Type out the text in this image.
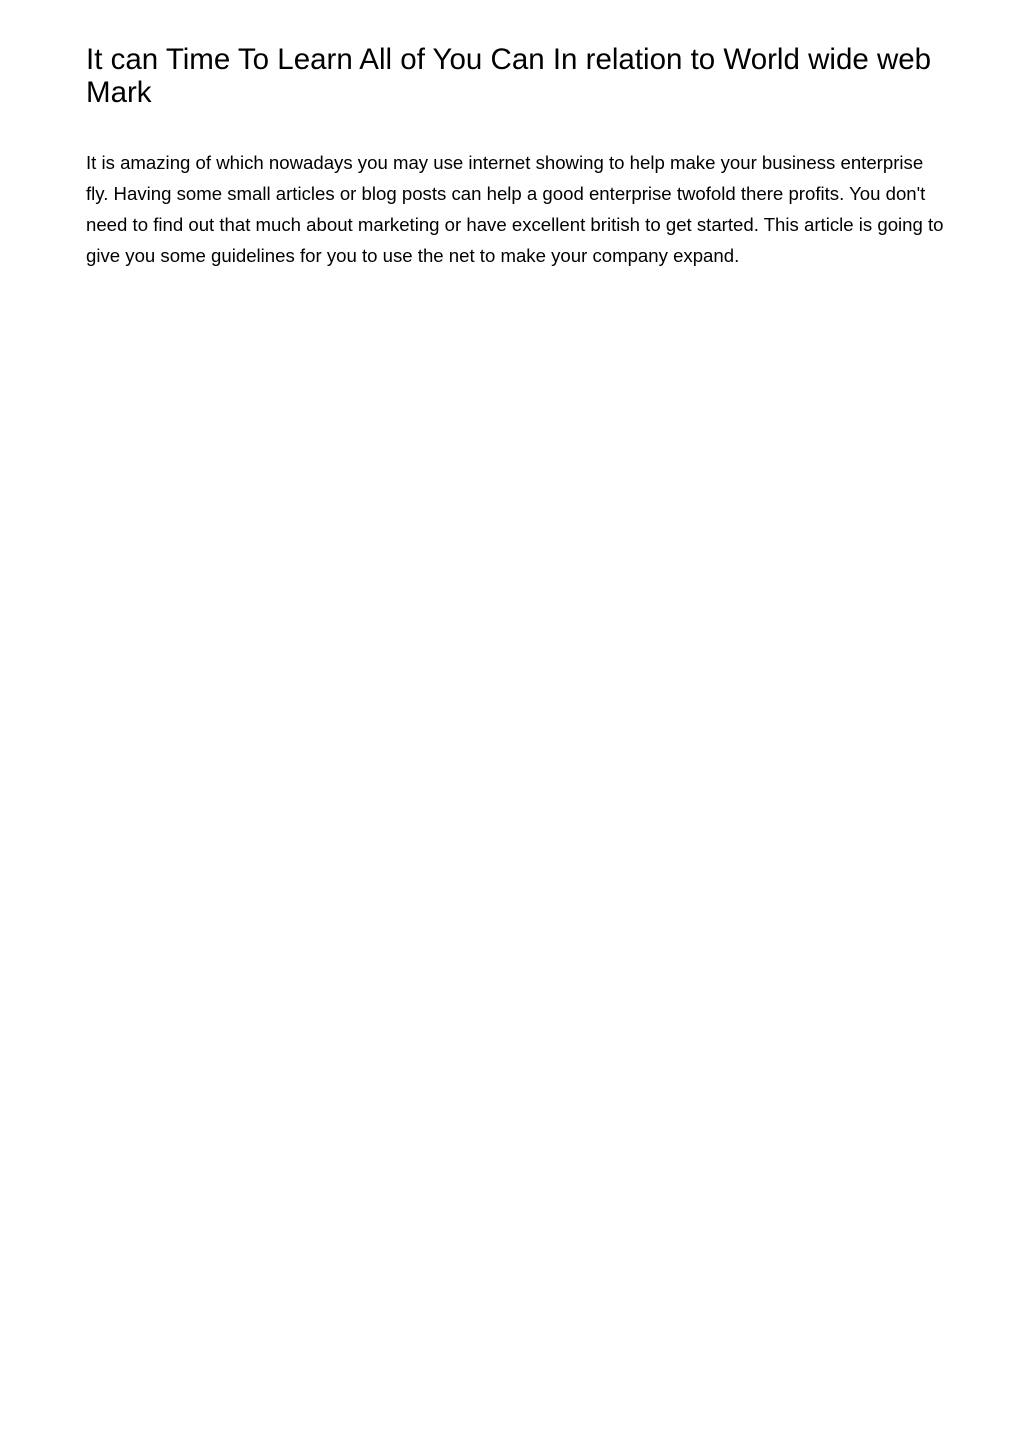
It can Time To Learn All of You Can In relation to World wide web Mark

It is amazing of which nowadays you may use internet showing to help make your business enterprise fly. Having some small articles or blog posts can help a good enterprise twofold there profits. You don't need to find out that much about marketing or have excellent british to get started. This article is going to give you some guidelines for you to use the net to make your company expand.
